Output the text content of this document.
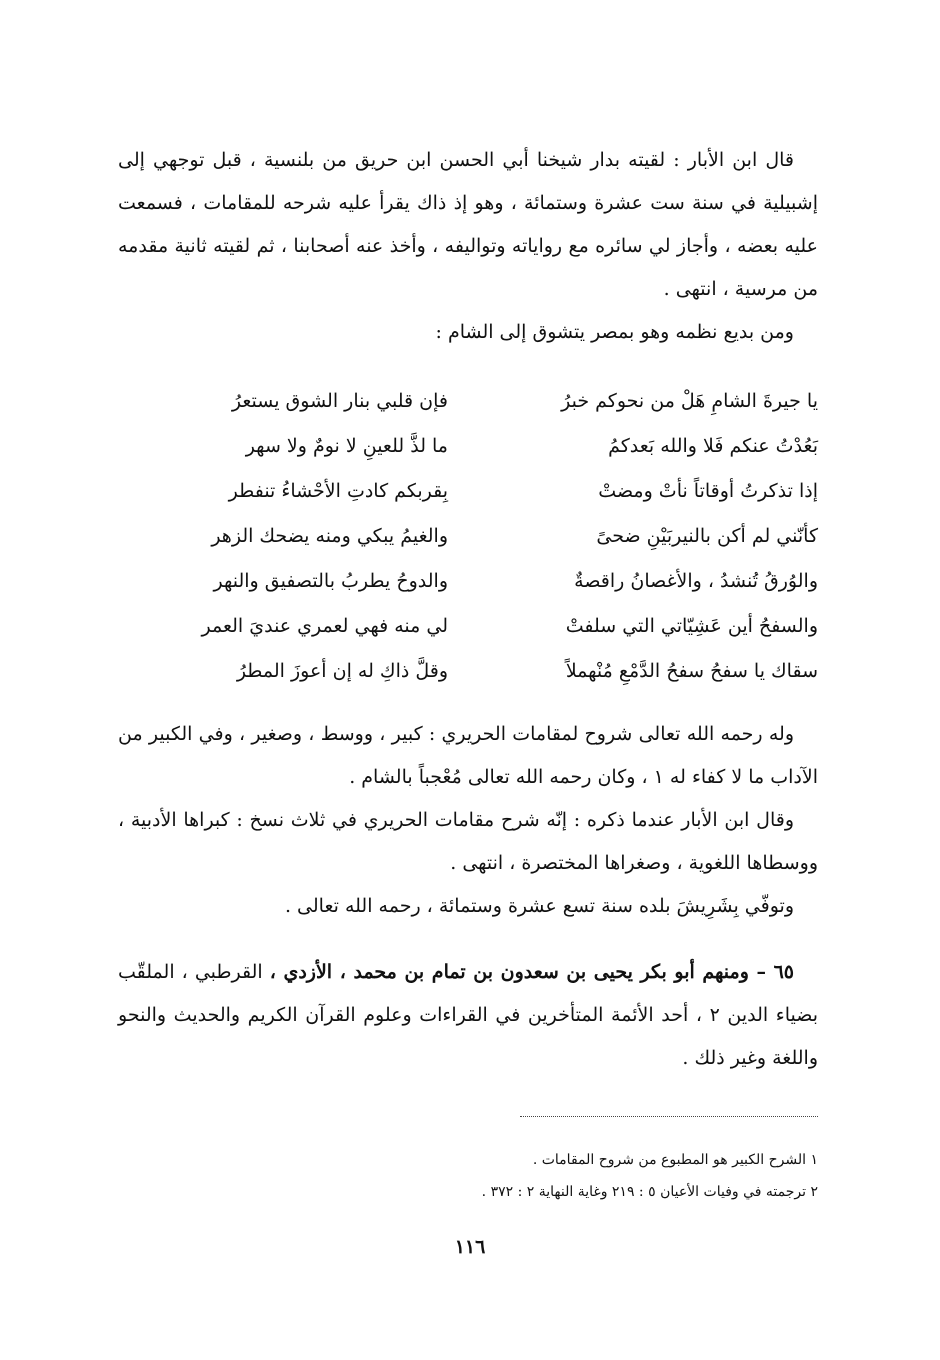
قال ابن الأبار : لقيته بدار شيخنا أبي الحسن ابن حريق من بلنسية ، قبل توجهي إلى إشبيلية في سنة ست عشرة وستمائة ، وهو إذ ذاك يقرأ عليه شرحه للمقامات ، فسمعت عليه بعضه ، وأجاز لي سائره مع رواياته وتواليفه ، وأخذ عنه أصحابنا ، ثم لقيته ثانية مقدمه من مرسية ، انتهى .

ومن بديع نظمه وهو بمصر يتشوق إلى الشام :

يا جيرةَ الشامِ هَلْ من نحوكم خبرُ
فإن قلبي بنار الشوق يستعرُ
بَعُدْتُ عنكم فَلا والله بَعدكمُ
ما لذَّ للعينِ لا نومٌ ولا سهر
إذا تذكرتُ أوقاتاً نأتْ ومضتْ
بِقربكم كادتِ الأحْشاءُ تنفطر
كأنّني لم أكن بالنيربَيْنِ ضحىً
والغيمُ يبكي ومنه يضحك الزهر
والوُرقُ تُنشدُ ، والأغصانُ راقصةٌ
والدوحُ يطربُ بالتصفيق والنهر
والسفحُ أين عَشِيّاتي التي سلفتْ
لي منه فهي لعمري عنديَ العمر
سقاك يا سفحُ سفحُ الدَّمْعِ مُنْهملاً
وقلَّ ذاكِ له إن أعوزَ المطرُ

وله رحمه الله تعالى شروح لمقامات الحريري : كبير ، ووسط ، وصغير ، وفي الكبير من الآداب ما لا كفاء له ١ ، وكان رحمه الله تعالى مُعْجباً بالشام .

وقال ابن الأبار عندما ذكره : إنّه شرح مقامات الحريري في ثلاث نسخ : كبراها الأدبية ، ووسطاها اللغوية ، وصغراها المختصرة ، انتهى .

وتوفّي بِشَرِيشَ بلده سنة تسع عشرة وستمائة ، رحمه الله تعالى .

٦٥ – ومنهم أبو بكر يحيى بن سعدون بن تمام بن محمد ، الأزدي ، القرطبي ، الملقّب بضياء الدين ٢ ، أحد الأئمة المتأخرين في القراءات وعلوم القرآن الكريم والحديث والنحو واللغة وغير ذلك .

١ الشرح الكبير هو المطبوع من شروح المقامات .

٢ ترجمته في وفيات الأعيان ٥ : ٢١٩ وغاية النهاية ٢ : ٣٧٢ .

١١٦
